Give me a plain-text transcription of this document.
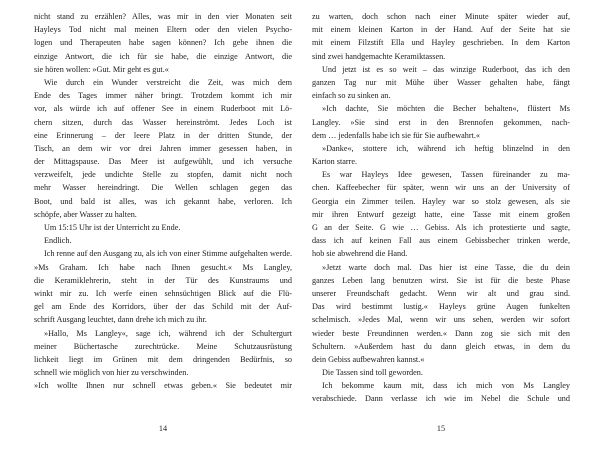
nicht stand zu erzählen? Alles, was mir in den vier Monaten seit
Hayleys Tod nicht mal meinen Eltern oder den vielen Psycho-
logen und Therapeuten habe sagen können? Ich gebe ihnen die
einzige Antwort, die ich für sie habe, die einzige Antwort, die
sie hören wollen: »Gut. Mir geht es gut.«
Wie durch ein Wunder verstreicht die Zeit, was mich dem
Ende des Tages immer näher bringt. Trotzdem kommt ich mir
vor, als würde ich auf offener See in einem Ruderboot mit Lö-
chern sitzen, durch das Wasser hereinströmt. Jedes Loch ist
eine Erinnerung – der leere Platz in der dritten Stunde, der
Tisch, an dem wir vor drei Jahren immer gesessen haben, in
der Mittagspause. Das Meer ist aufgewühlt, und ich versuche
verzweifelt, jede undichte Stelle zu stopfen, damit nicht noch
mehr Wasser hereindringt. Die Wellen schlagen gegen das
Boot, und bald ist alles, was ich gekannt habe, verloren. Ich
schöpfe, aber Wasser zu halten.
Um 15:15 Uhr ist der Unterricht zu Ende.
Endlich.
Ich renne auf den Ausgang zu, als ich von einer Stimme aufgehalten werde.
»Ms Graham. Ich habe nach Ihnen gesucht.« Ms Langley,
die Keramiklehrerin, steht in der Tür des Kunstraums und
winkt mir zu. Ich werfe einen sehnsüchtigen Blick auf die Flü-
gel am Ende des Korridors, über der das Schild mit der Auf-
schrift Ausgang leuchtet, dann drehe ich mich zu ihr.
»Hallo, Ms Langley«, sage ich, während ich der Schultergurt
meiner Büchertasche zurechtrücke. Meine Schutzausrüstung
lichkeit liegt im Grünen mit dem dringenden Bedürfnis, so
schnell wie möglich von hier zu verschwinden.
»Ich wollte Ihnen nur schnell etwas geben.« Sie bedeutet mir
zu warten, doch schon nach einer Minute später wieder auf,
mit einem kleinen Karton in der Hand. Auf der Seite hat sie
mit einem Filzstift Ella und Hayley geschrieben. In dem Karton
sind zwei handgemachte Keramiktassen.
Und jetzt ist es so weit – das winzige Ruderboot, das ich den
ganzen Tag nur mit Mühe über Wasser gehalten habe, fängt
einfach so zu sinken an.
»Ich dachte, Sie möchten die Becher behalten«, flüstert Ms
Langley. »Sie sind erst in den Brennofen gekommen, nach-
dem … jedenfalls habe ich sie für Sie aufbewahrt.«
»Danke«, stottere ich, während ich heftig blinzelnd in den
Karton starre.
Es war Hayleys Idee gewesen, Tassen füreinander zu ma-
chen. Kaffeebecher für später, wenn wir uns an der University of
Georgia ein Zimmer teilen. Hayley war so stolz gewesen, als sie
mir ihren Entwurf gezeigt hatte, eine Tasse mit einem großen
G an der Seite. G wie … Gebiss. Als ich protestierte und sagte,
dass ich auf keinen Fall aus einem Gebissbecher trinken werde,
hob sie abwehrend die Hand.
»Jetzt warte doch mal. Das hier ist eine Tasse, die du dein
ganzes Leben lang benutzen wirst. Sie ist für die beste Phase
unserer Freundschaft gedacht. Wenn wir alt und grau sind.
Das wird bestimmt lustig.« Hayleys grüne Augen funkelten
schelmisch. »Jedes Mal, wenn wir uns sehen, werden wir sofort
wieder beste Freundinnen werden.« Dann zog sie sich mit den
Schultern. »Außerdem hast du dann gleich etwas, in dem du
dein Gebiss aufbewahren kannst.«
Die Tassen sind toll geworden.
Ich bekomme kaum mit, dass ich mich von Ms Langley
verabschiede. Dann verlasse ich wie im Nebel die Schule und
14	15
